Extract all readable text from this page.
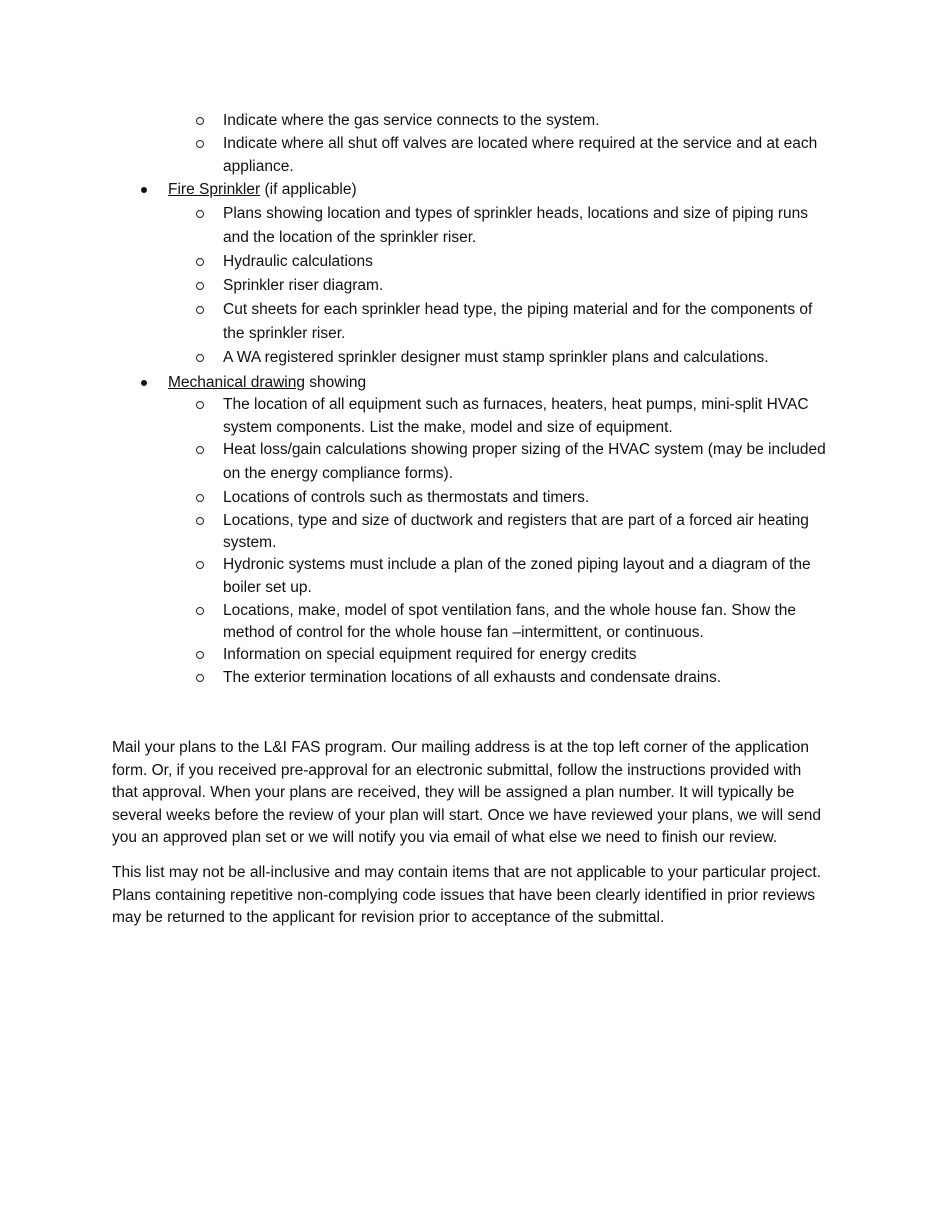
Indicate where the gas service connects to the system.
Indicate where all shut off valves are located where required at the service and at each
appliance.
Fire Sprinkler (if applicable)
Plans showing location and types of sprinkler heads, locations and size of piping runs
and the location of the sprinkler riser.
Hydraulic calculations
Sprinkler riser diagram.
Cut sheets for each sprinkler head type, the piping material and for the components of
the sprinkler riser.
A WA registered sprinkler designer must stamp sprinkler plans and calculations.
Mechanical drawing showing
The location of all equipment such as furnaces, heaters, heat pumps, mini-split HVAC
system components. List the make, model and size of equipment.
Heat loss/gain calculations showing proper sizing of the HVAC system (may be included
on the energy compliance forms).
Locations of controls such as thermostats and timers.
Locations, type and size of ductwork and registers that are part of a forced air heating
system.
Hydronic systems must include a plan of the zoned piping layout and a diagram of the
boiler set up.
Locations, make, model of spot ventilation fans, and the whole house fan. Show the
method of control for the whole house fan –intermittent, or continuous.
Information on special equipment required for energy credits
The exterior termination locations of all exhausts and condensate drains.
Mail your plans to the L&I FAS program. Our mailing address is at the top left corner of the application
form. Or, if you received pre-approval for an electronic submittal, follow the instructions provided with
that approval. When your plans are received, they will be assigned a plan number. It will typically be
several weeks before the review of your plan will start. Once we have reviewed your plans, we will send
you an approved plan set or we will notify you via email of what else we need to finish our review.
This list may not be all-inclusive and may contain items that are not applicable to your particular project.
Plans containing repetitive non-complying code issues that have been clearly identified in prior reviews
may be returned to the applicant for revision prior to acceptance of the submittal.
